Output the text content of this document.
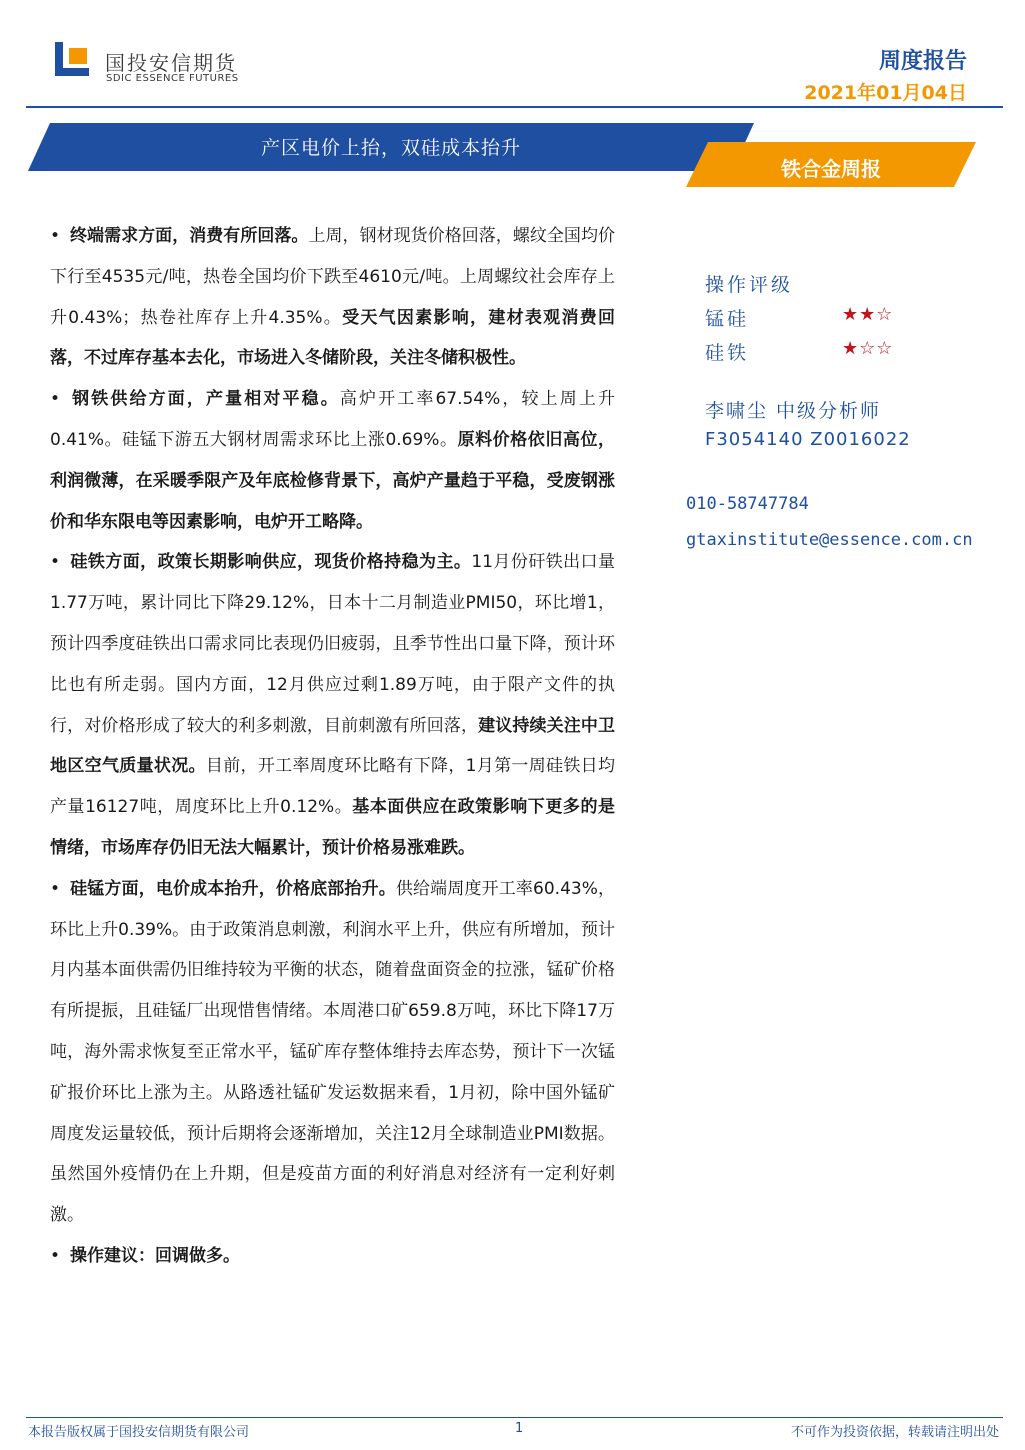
国投安信期货
SDIC ESSENCE FUTURES
周度报告
2021年01月04日
产区电价上抬，双硅成本抬升
铁合金周报

• 终端需求方面，消费有所回落。上周，钢材现货价格回落，螺纹全国均价下行至4535元/吨，热卷全国均价下跌至4610元/吨。上周螺纹社会库存上升0.43%；热卷社库存上升4.35%。受天气因素影响，建材表观消费回落，不过库存基本去化，市场进入冬储阶段，关注冬储积极性。

• 钢铁供给方面，产量相对平稳。高炉开工率67.54%，较上周上升0.41%。硅锰下游五大钢材周需求环比上涨0.69%。原料价格依旧高位，利润微薄，在采暖季限产及年底检修背景下，高炉产量趋于平稳，受废钢涨价和华东限电等因素影响，电炉开工略降。

• 硅铁方面，政策长期影响供应，现货价格持稳为主。11月份矸铁出口量1.77万吨，累计同比下降29.12%，日本十二月制造业PMI50，环比增1，预计四季度硅铁出口需求同比表现仍旧疲弱，且季节性出口量下降，预计环比也有所走弱。国内方面，12月供应过剩1.89万吨，由于限产文件的执行，对价格形成了较大的利多刺激，目前刺激有所回落，建议持续关注中卫地区空气质量状况。目前，开工率周度环比略有下降，1月第一周硅铁日均产量16127吨，周度环比上升0.12%。基本面供应在政策影响下更多的是情绪，市场库存仍旧无法大幅累计，预计价格易涨难跌。

• 硅锰方面，电价成本抬升，价格底部抬升。供给端周度开工率60.43%，环比上升0.39%。由于政策消息刺激，利润水平上升，供应有所增加，预计月内基本面供需仍旧维持较为平衡的状态，随着盘面资金的拉涨，锰矿价格有所提振，且硅锰厂出现惜售情绪。本周港口矿659.8万吨，环比下降17万吨，海外需求恢复至正常水平，锰矿库存整体维持去库态势，预计下一次锰矿报价环比上涨为主。从路透社锰矿发运数据来看，1月初，除中国外锰矿周度发运量较低，预计后期将会逐渐增加，关注12月全球制造业PMI数据。虽然国外疫情仍在上升期，但是疫苗方面的利好消息对经济有一定利好刺激。

• 操作建议：回调做多。

操作评级
锰硅	★★☆
硅铁	★☆☆
李啸尘 中级分析师
F3054140 Z0016022
010-58747784
gtaxinstitute@essence.com.cn
本报告版权属于国投安信期货有限公司	1	不可作为投资依据，转载请注明出处
